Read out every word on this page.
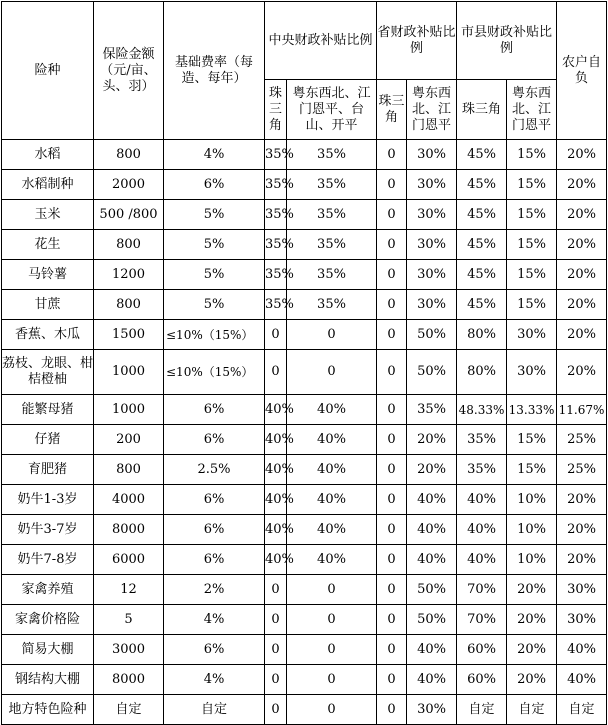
险种	保险金额（元/亩、头、羽）	基础费率（每造、每年）	中央财政补贴比例		省财政补贴比例		市县财政补贴比例		农户自负
			珠三角	粤东西北、江门恩平、台山、开平	珠三角	粤东西北、江门恩平	珠三角	粤东西北、江门恩平	
水稻	800	4%	35%	35%	0	30%	45%	15%	20%
水稻制种	2000	6%	35%	35%	0	30%	45%	15%	20%
玉米	500 /800	5%	35%	35%	0	30%	45%	15%	20%
花生	800	5%	35%	35%	0	30%	45%	15%	20%
马铃薯	1200	5%	35%	35%	0	30%	45%	15%	20%
甘蔗	800	5%	35%	35%	0	30%	45%	15%	20%
香蕉、木瓜	1500	≤10%（15%）	0	0	0	50%	80%	30%	20%
荔枝、龙眼、柑桔橙柚	1000	≤10%（15%）	0	0	0	50%	80%	30%	20%
能繁母猪	1000	6%	40%	40%	0	35%	48.33%	13.33%	11.67%
仔猪	200	6%	40%	40%	0	20%	35%	15%	25%
育肥猪	800	2.5%	40%	40%	0	20%	35%	15%	25%
奶牛1-3岁	4000	6%	40%	40%	0	40%	40%	10%	20%
奶牛3-7岁	8000	6%	40%	40%	0	40%	40%	10%	20%
奶牛7-8岁	6000	6%	40%	40%	0	40%	40%	10%	20%
家禽养殖	12	2%	0	0	0	50%	70%	20%	30%
家禽价格险	5	4%	0	0	0	50%	70%	20%	30%
简易大棚	3000	6%	0	0	0	40%	60%	20%	40%
钢结构大棚	8000	4%	0	0	0	40%	60%	20%	40%
地方特色险种	自定	自定	0	0	0	30%	自定	自定	自定
